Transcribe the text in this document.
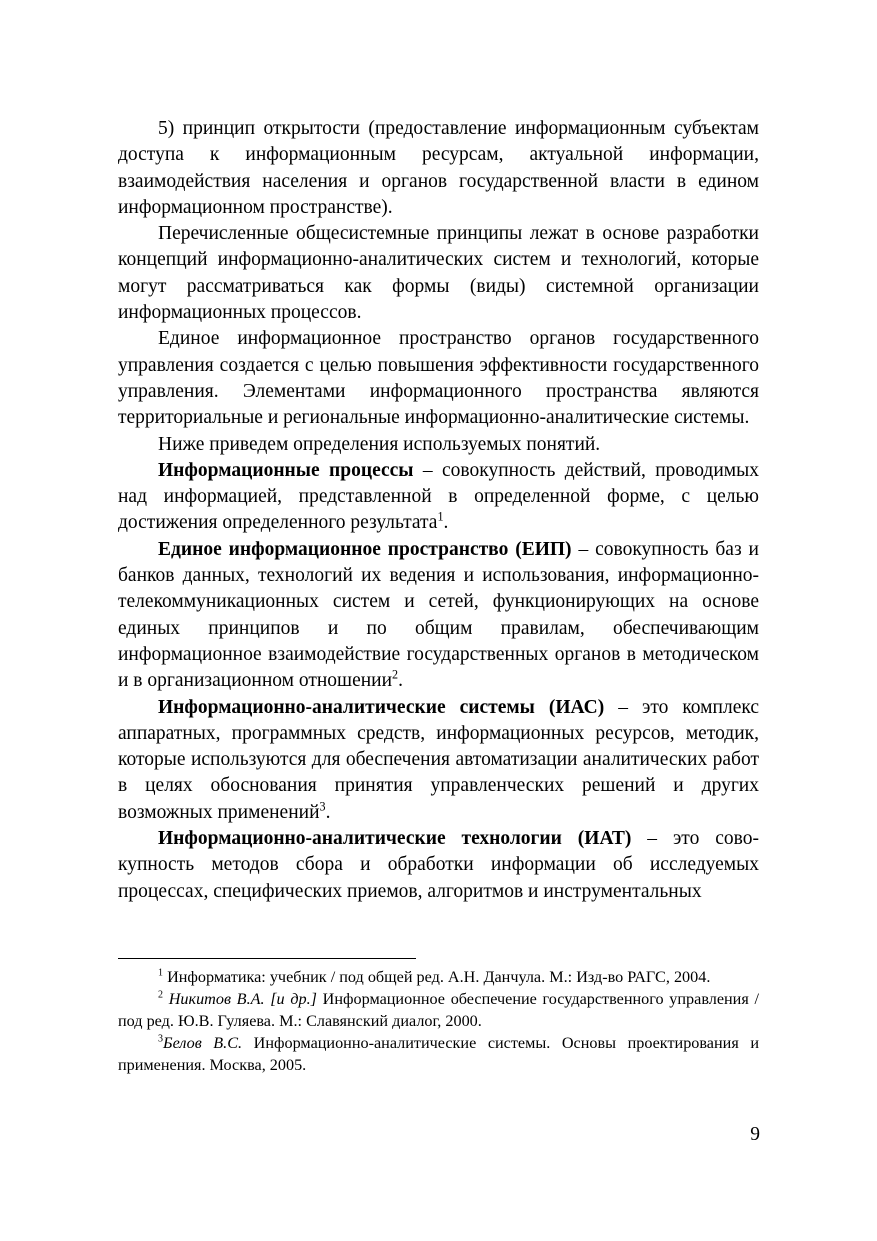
5) принцип открытости (предоставление информационным субъектам доступа к информационным ресурсам, актуальной информации, взаимодействия населения и органов государственной власти в едином информационном пространстве).

Перечисленные общесистемные принципы лежат в основе разработки концепций информационно-аналитических систем и технологий, которые могут рассматриваться как формы (виды) системной организации информационных процессов.

Единое информационное пространство органов государственного управления создается с целью повышения эффективности государственного управления. Элементами информационного пространства являются территориальные и региональные информационно-аналитические системы.

Ниже приведем определения используемых понятий.

Информационные процессы – совокупность действий, проводимых над информацией, представленной в определенной форме, с целью достижения определенного результата$^1$.

Единое информационное пространство (ЕИП) – совокупность баз и банков данных, технологий их ведения и использования, информационно-телекоммуникационных систем и сетей, функционирующих на основе единых принципов и по общим правилам, обеспечивающим информационное взаимодействие государственных органов в методическом и в организационном отношении$^2$.

Информационно-аналитические системы (ИАС) – это комплекс аппаратных, программных средств, информационных ресурсов, методик, которые используются для обеспечения автоматизации аналитических работ в целях обоснования принятия управленческих решений и других возможных применений$^3$.

Информационно-аналитические технологии (ИАТ) – это совокупность методов сбора и обработки информации об исследуемых процессах, специфических приемов, алгоритмов и инструментальных

$^1$ Информатика: учебник / под общей ред. А.Н. Данчула. М.: Изд-во РАГС, 2004.

$^2$ Никитов В.А. [и др.] Информационное обеспечение государственного управления / под ред. Ю.В. Гуляева. М.: Славянский диалог, 2000.

$^3$Белов В.С. Информационно-аналитические системы. Основы проектирования и применения. Москва, 2005.

9
